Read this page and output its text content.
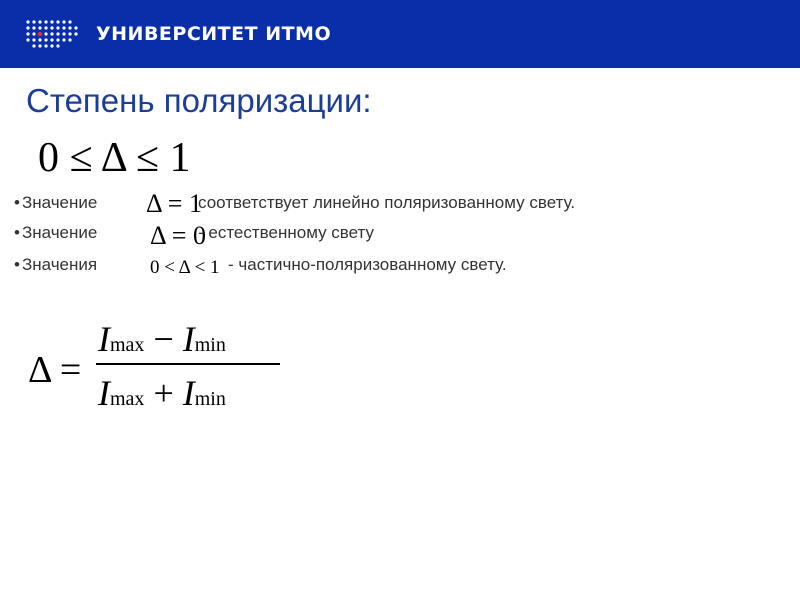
УНИВЕРСИТЕТ ИТМО
Степень поляризации:
0 ≤ Δ ≤ 1
• Значение Δ = 1
соответствует линейно поляризованному свету.
• Значение Δ = 0
- естественному свету
• Значения	0 < Δ < 1 - частично-поляризованному свету.
Δ =
Imax − Imin
Imax + Imin
